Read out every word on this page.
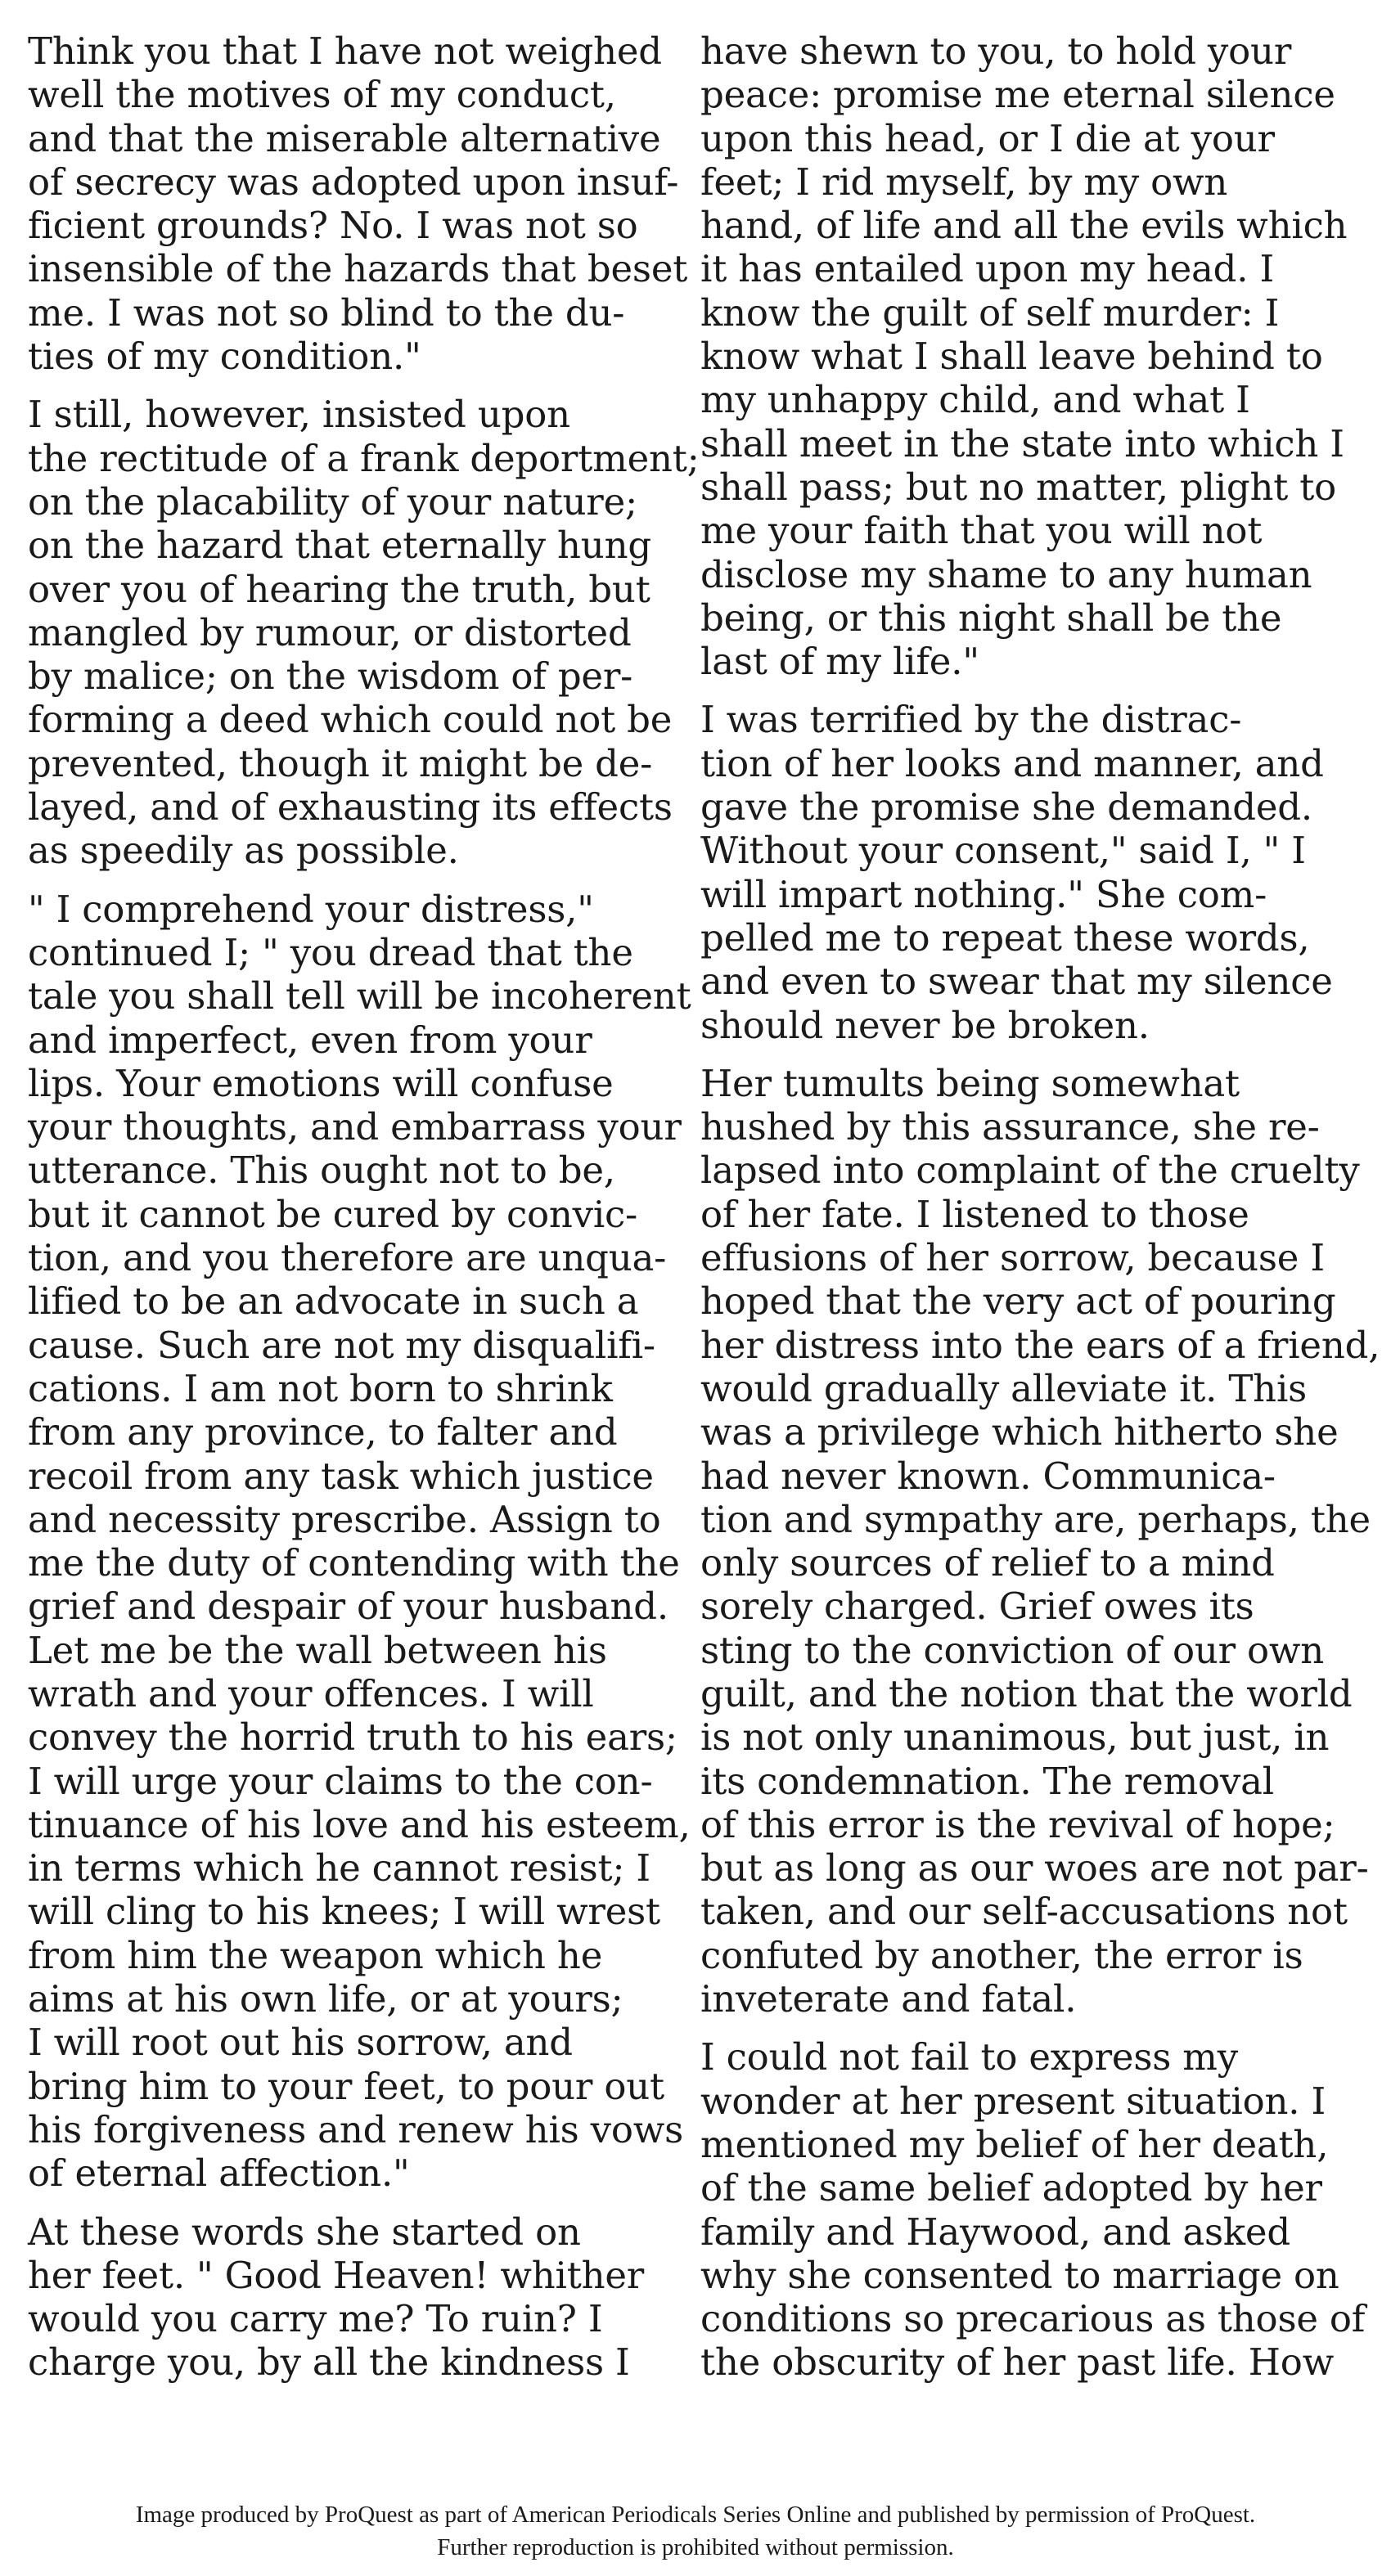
Think you that I have not weighed
well the motives of my conduct,
and that the miserable alternative
of secrecy was adopted upon insuf-
ficient grounds? No. I was not so
insensible of the hazards that beset
me. I was not so blind to the du-
ties of my condition."
I still, however, insisted upon
the rectitude of a frank deportment;
on the placability of your nature;
on the hazard that eternally hung
over you of hearing the truth, but
mangled by rumour, or distorted
by malice; on the wisdom of per-
forming a deed which could not be
prevented, though it might be de-
layed, and of exhausting its effects
as speedily as possible.
" I comprehend your distress,"
continued I; " you dread that the
tale you shall tell will be incoherent
and imperfect, even from your
lips. Your emotions will confuse
your thoughts, and embarrass your
utterance. This ought not to be,
but it cannot be cured by convic-
tion, and you therefore are unqua-
lified to be an advocate in such a
cause. Such are not my disqualifi-
cations. I am not born to shrink
from any province, to falter and
recoil from any task which justice
and necessity prescribe. Assign to
me the duty of contending with the
grief and despair of your husband.
Let me be the wall between his
wrath and your offences. I will
convey the horrid truth to his ears;
I will urge your claims to the con-
tinuance of his love and his esteem,
in terms which he cannot resist; I
will cling to his knees; I will wrest
from him the weapon which he
aims at his own life, or at yours;
I will root out his sorrow, and
bring him to your feet, to pour out
his forgiveness and renew his vows
of eternal affection."
At these words she started on
her feet. " Good Heaven! whither
would you carry me? To ruin? I
charge you, by all the kindness I
have shewn to you, to hold your
peace: promise me eternal silence
upon this head, or I die at your
feet; I rid myself, by my own
hand, of life and all the evils which
it has entailed upon my head. I
know the guilt of self murder: I
know what I shall leave behind to
my unhappy child, and what I
shall meet in the state into which I
shall pass; but no matter, plight to
me your faith that you will not
disclose my shame to any human
being, or this night shall be the
last of my life."
I was terrified by the distrac-
tion of her looks and manner, and
gave the promise she demanded.
Without your consent," said I, " I
will impart nothing." She com-
pelled me to repeat these words,
and even to swear that my silence
should never be broken.
Her tumults being somewhat
hushed by this assurance, she re-
lapsed into complaint of the cruelty
of her fate. I listened to those
effusions of her sorrow, because I
hoped that the very act of pouring
her distress into the ears of a friend,
would gradually alleviate it. This
was a privilege which hitherto she
had never known. Communica-
tion and sympathy are, perhaps, the
only sources of relief to a mind
sorely charged. Grief owes its
sting to the conviction of our own
guilt, and the notion that the world
is not only unanimous, but just, in
its condemnation. The removal
of this error is the revival of hope;
but as long as our woes are not par-
taken, and our self-accusations not
confuted by another, the error is
inveterate and fatal.
I could not fail to express my
wonder at her present situation. I
mentioned my belief of her death,
of the same belief adopted by her
family and Haywood, and asked
why she consented to marriage on
conditions so precarious as those of
the obscurity of her past life. How
Image produced by ProQuest as part of American Periodicals Series Online and published by permission of ProQuest.
Further reproduction is prohibited without permission.
